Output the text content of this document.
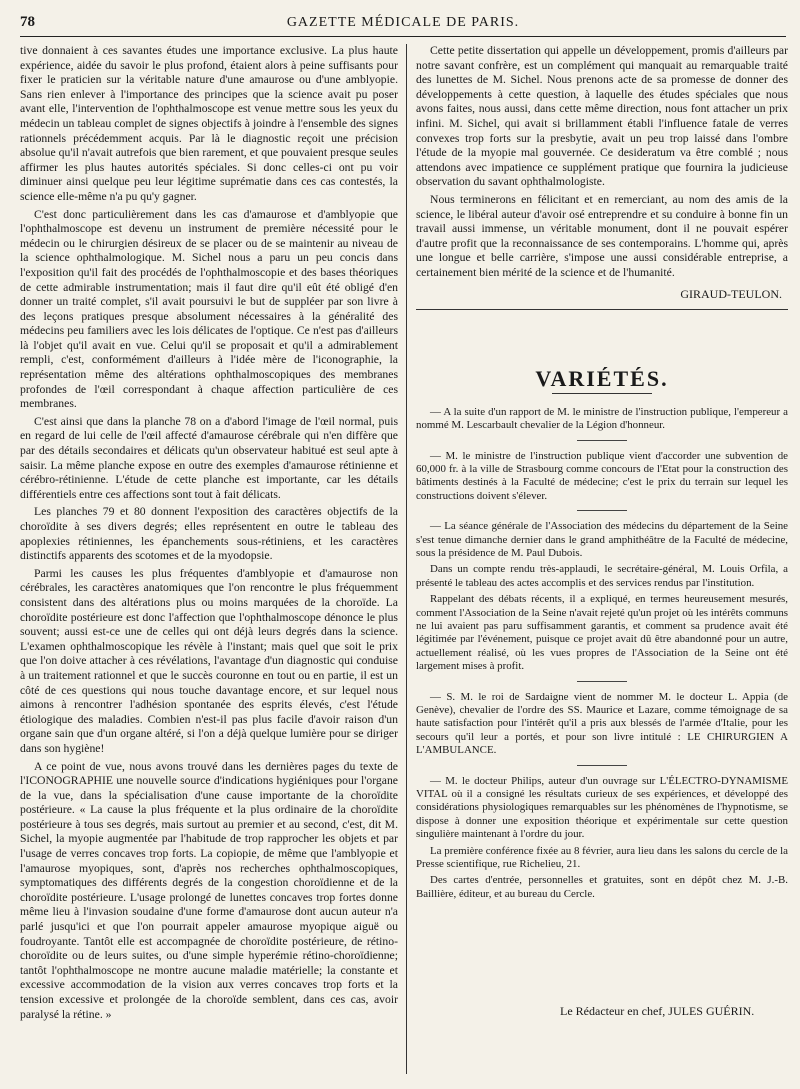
78	GAZETTE MÉDICALE DE PARIS.

tive donnaient à ces savantes études une importance exclusive. La plus haute expérience, aidée du savoir le plus profond, étaient alors à peine suffisants pour fixer le praticien sur la véritable nature d'une amaurose ou d'une amblyopie. Sans rien enlever à l'importance des principes que la science avait pu poser avant elle, l'intervention de l'ophthalmoscope est venue mettre sous les yeux du médecin un tableau complet de signes objectifs à joindre à l'ensemble des signes rationnels précédemment acquis. Par là le diagnostic reçoit une précision absolue qu'il n'avait autrefois que bien rarement, et que pouvaient presque seules affirmer les plus hautes autorités spéciales. Si donc celles-ci ont pu voir diminuer ainsi quelque peu leur légitime suprématie dans ces cas contestés, la science elle-même n'a pu qu'y gagner.

C'est donc particulièrement dans les cas d'amaurose et d'amblyopie que l'ophthalmoscope est devenu un instrument de première nécessité pour le médecin ou le chirurgien désireux de se placer ou de se maintenir au niveau de la science ophthalmologique. M. Sichel nous a paru un peu concis dans l'exposition qu'il fait des procédés de l'ophthalmoscopie et des bases théoriques de cette admirable instrumentation; mais il faut dire qu'il eût été obligé d'en donner un traité complet, s'il avait poursuivi le but de suppléer par son livre à des leçons pratiques presque absolument nécessaires à la généralité des médecins peu familiers avec les lois délicates de l'optique. Ce n'est pas d'ailleurs là l'objet qu'il avait en vue. Celui qu'il se proposait et qu'il a admirablement rempli, c'est, conformément d'ailleurs à l'idée mère de l'iconographie, la représentation même des altérations ophthalmoscopiques des membranes profondes de l'œil correspondant à chaque affection particulière de ces membranes.

C'est ainsi que dans la planche 78 on a d'abord l'image de l'œil normal, puis en regard de lui celle de l'œil affecté d'amaurose cérébrale qui n'en diffère que par des détails secondaires et délicats qu'un observateur habitué est seul apte à saisir. La même planche expose en outre des exemples d'amaurose rétinienne et cérébro-rétinienne. L'étude de cette planche est importante, car les détails différentiels entre ces affections sont tout à fait délicats.

Les planches 79 et 80 donnent l'exposition des caractères objectifs de la choroïdite à ses divers degrés; elles représentent en outre le tableau des apoplexies rétiniennes, les épanchements sous-rétiniens, et les caractères distinctifs apparents des scotomes et de la myodopsie.

Parmi les causes les plus fréquentes d'amblyopie et d'amaurose non cérébrales, les caractères anatomiques que l'on rencontre le plus fréquemment consistent dans des altérations plus ou moins marquées de la choroïde. La choroïdite postérieure est donc l'affection que l'ophthalmoscope dénonce le plus souvent; aussi est-ce une de celles qui ont déjà leurs degrés dans la science. L'examen ophthalmoscopique les révèle à l'instant; mais quel que soit le prix que l'on doive attacher à ces révélations, l'avantage d'un diagnostic qui conduise à un traitement rationnel et que le succès couronne en tout ou en partie, il est un côté de ces questions qui nous touche davantage encore, et sur lequel nous aimons à rencontrer l'adhésion spontanée des esprits élevés, c'est l'étude étiologique des maladies. Combien n'est-il pas plus facile d'avoir raison d'un organe sain que d'un organe altéré, si l'on a déjà quelque lumière pour se diriger dans son hygiène!

A ce point de vue, nous avons trouvé dans les dernières pages du texte de l'ICONOGRAPHIE une nouvelle source d'indications hygiéniques pour l'organe de la vue, dans la spécialisation d'une cause importante de la choroïdite postérieure. « La cause la plus fréquente et la plus ordinaire de la choroïdite postérieure à tous ses degrés, mais surtout au premier et au second, c'est, dit M. Sichel, la myopie augmentée par l'habitude de trop rapprocher les objets et par l'usage de verres concaves trop forts. La copiopie, de même que l'amblyopie et l'amaurose myopiques, sont, d'après nos recherches ophthalmoscopiques, symptomatiques des différents degrés de la congestion choroïdienne et de la choroïdite postérieure. L'usage prolongé de lunettes concaves trop fortes donne même lieu à l'invasion soudaine d'une forme d'amaurose dont aucun auteur n'a parlé jusqu'ici et que l'on pourrait appeler amaurose myopique aiguë ou foudroyante. Tantôt elle est accompagnée de choroïdite postérieure, de rétino-choroïdite ou de leurs suites, ou d'une simple hyperémie rétino-choroïdienne; tantôt l'ophthalmoscope ne montre aucune maladie matérielle; la constante et excessive accommodation de la vision aux verres concaves trop forts et la tension excessive et prolongée de la choroïde semblent, dans ces cas, avoir paralysé la rétine. »

Cette petite dissertation qui appelle un développement, promis d'ailleurs par notre savant confrère, est un complément qui manquait au remarquable traité des lunettes de M. Sichel. Nous prenons acte de sa promesse de donner des développements à cette question, à laquelle des études spéciales que nous avons faites, nous aussi, dans cette même direction, nous font attacher un prix infini. M. Sichel, qui avait si brillamment établi l'influence fatale de verres convexes trop forts sur la presbytie, avait un peu trop laissé dans l'ombre l'étude de la myopie mal gouvernée. Ce desideratum va être comblé ; nous attendons avec impatience ce supplément pratique que fournira la judicieuse observation du savant ophthalmologiste.

Nous terminerons en félicitant et en remerciant, au nom des amis de la science, le libéral auteur d'avoir osé entreprendre et su conduire à bonne fin un travail aussi immense, un véritable monument, dont il ne pouvait espérer d'autre profit que la reconnaissance de ses contemporains. L'homme qui, après une longue et belle carrière, s'impose une aussi considérable entreprise, a certainement bien mérité de la science et de l'humanité.

GIRAUD-TEULON.
VARIÉTÉS.

— A la suite d'un rapport de M. le ministre de l'instruction publique, l'empereur a nommé M. Lescarbault chevalier de la Légion d'honneur.

— M. le ministre de l'instruction publique vient d'accorder une subvention de 60,000 fr. à la ville de Strasbourg comme concours de l'Etat pour la construction des bâtiments destinés à la Faculté de médecine; c'est le prix du terrain sur lequel les constructions doivent s'élever.

— La séance générale de l'Association des médecins du département de la Seine s'est tenue dimanche dernier dans le grand amphithéâtre de la Faculté de médecine, sous la présidence de M. Paul Dubois.

Dans un compte rendu très-applaudi, le secrétaire-général, M. Louis Orfila, a présenté le tableau des actes accomplis et des services rendus par l'institution.

Rappelant des débats récents, il a expliqué, en termes heureusement mesurés, comment l'Association de la Seine n'avait rejeté qu'un projet où les intérêts communs ne lui avaient pas paru suffisamment garantis, et comment sa prudence avait été légitimée par l'événement, puisque ce projet avait dû être abandonné pour un autre, actuellement réalisé, où les vues propres de l'Association de la Seine ont été largement mises à profit.

— S. M. le roi de Sardaigne vient de nommer M. le docteur L. Appia (de Genève), chevalier de l'ordre des SS. Maurice et Lazare, comme témoignage de sa haute satisfaction pour l'intérêt qu'il a pris aux blessés de l'armée d'Italie, pour les secours qu'il leur a portés, et pour son livre intitulé : LE CHIRURGIEN A L'AMBULANCE.

— M. le docteur Philips, auteur d'un ouvrage sur L'ÉLECTRO-DYNAMISME VITAL où il a consigné les résultats curieux de ses expériences, et développé des considérations physiologiques remarquables sur les phénomènes de l'hypnotisme, se dispose à donner une exposition théorique et expérimentale sur cette question singulière maintenant à l'ordre du jour.

La première conférence fixée au 8 février, aura lieu dans les salons du cercle de la Presse scientifique, rue Richelieu, 21.

Des cartes d'entrée, personnelles et gratuites, sont en dépôt chez M. J.-B. Baillière, éditeur, et au bureau du Cercle.

Le Rédacteur en chef, JULES GUÉRIN.
